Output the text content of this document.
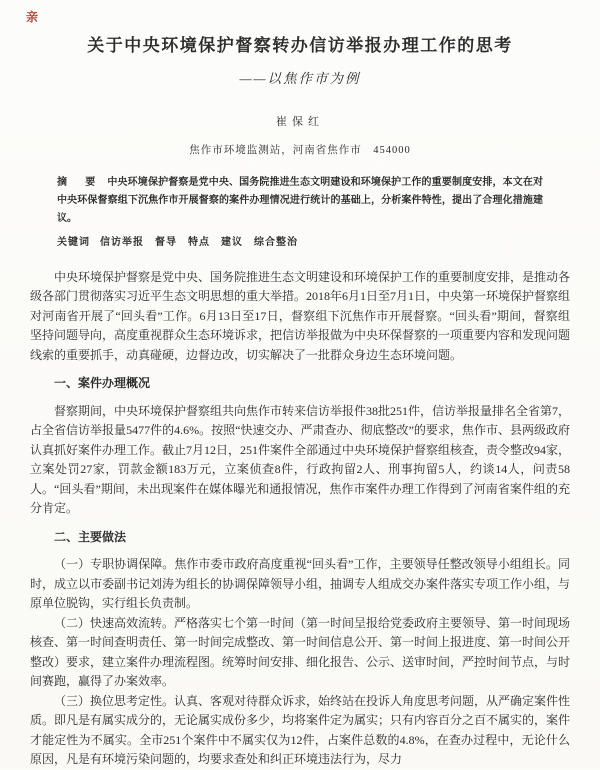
亲
关于中央环境保护督察转办信访举报办理工作的思考
——以焦作市为例
崔保红
焦作市环境监测站，河南省焦作市　454000
摘　要 中央环境保护督察是党中央、国务院推进生态文明建设和环境保护工作的重要制度安排，本文在对中央环保督察组下沉焦作市开展督察的案件办理情况进行统计的基础上，分析案件特性，提出了合理化措施建议。
关键词 信访举报　督导　特点　建议　综合整治

中央环境保护督察是党中央、国务院推进生态文明建设和环境保护工作的重要制度安排，是推动各级各部门贯彻落实习近平生态文明思想的重大举措。2018年6月1日至7月1日，中央第一环境保护督察组对河南省开展了“回头看”工作。6月13日至17日，督察组下沉焦作市开展督察。“回头看”期间，督察组坚持问题导向，高度重视群众生态环境诉求，把信访举报做为中央环保督察的一项重要内容和发现问题线索的重要抓手，动真碰硬，边督边改，切实解决了一批群众身边生态环境问题。

一、案件办理概况

督察期间，中央环境保护督察组共向焦作市转来信访举报件38批251件，信访举报量排名全省第7，占全省信访举报量5477件的4.6%。按照“快速交办、严肃查办、彻底整改”的要求，焦作市、县两级政府认真抓好案件办理工作。截止7月12日，251件案件全部通过中央环境保护督察组核查，责令整改94家，立案处罚27家，罚款金额183万元，立案侦查8件，行政拘留2人、刑事拘留5人，约谈14人，问责58人。“回头看”期间，未出现案件在媒体曝光和通报情况，焦作市案件办理工作得到了河南省案件组的充分肯定。

二、主要做法

（一）专职协调保障。焦作市委市政府高度重视“回头看”工作，主要领导任整改领导小组组长。同时，成立以市委副书记刘涛为组长的协调保障领导小组，抽调专人组成交办案件落实专项工作小组，与原单位脱钩，实行组长负责制。

（二）快速高效流转。严格落实七个第一时间（第一时间呈报给党委政府主要领导、第一时间现场核查、第一时间查明责任、第一时间完成整改、第一时间信息公开、第一时间上报进度、第一时间公开整改）要求，建立案件办理流程图。统筹时间安排、细化报告、公示、送审时间，严控时间节点，与时间赛跑，赢得了办案效率。

（三）换位思考定性。认真、客观对待群众诉求，始终站在投诉人角度思考问题，从严确定案件性质。即凡是有属实成分的，无论属实成份多少，均将案件定为属实；只有内容百分之百不属实的，案件才能定性为不属实。全市251个案件中不属实仅为12件，占案件总数的4.8%，在查办过程中，无论什么原因，凡是有环境污染问题的，均要求查处和纠正环境违法行为，尽力
